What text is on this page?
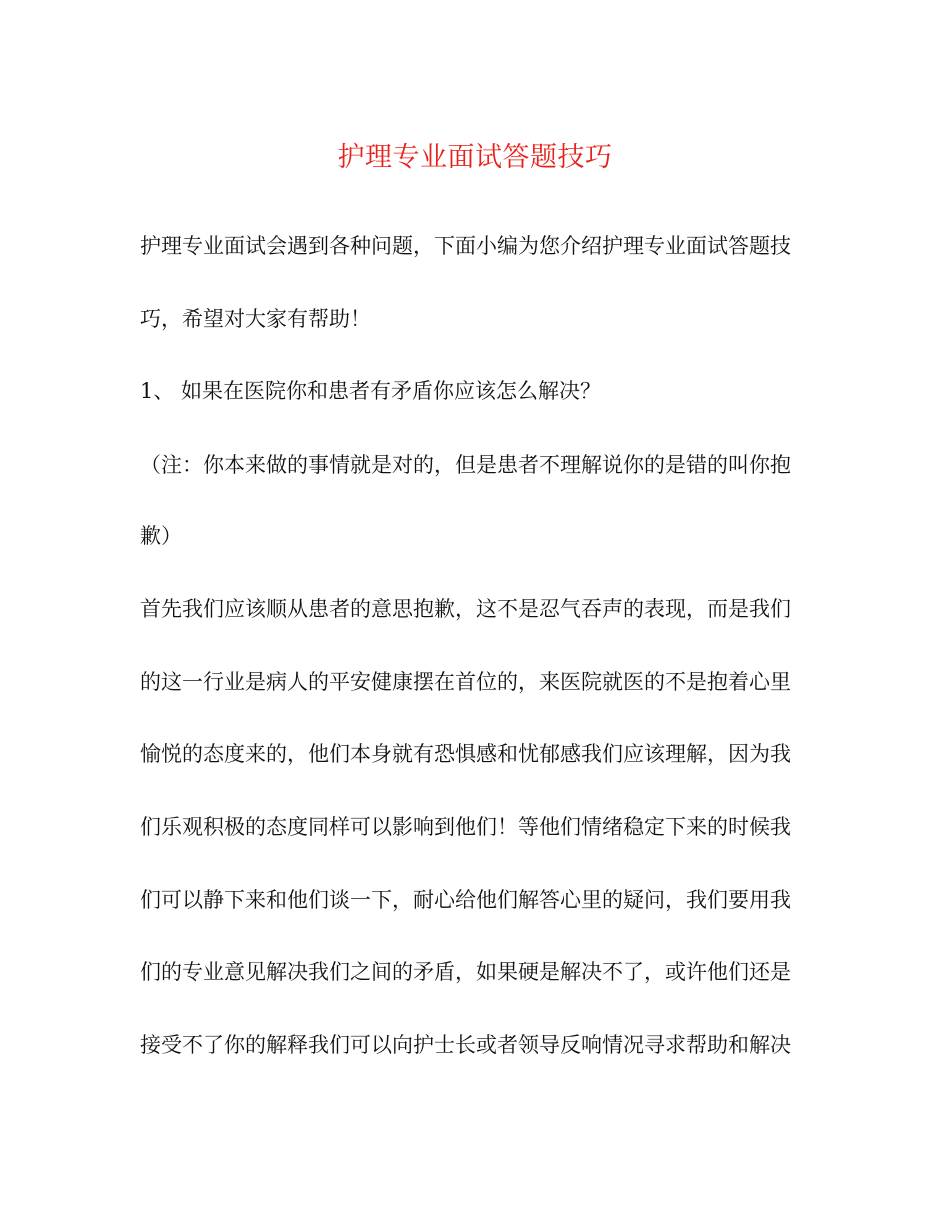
护理专业面试答题技巧
护理专业面试会遇到各种问题，下面小编为您介绍护理专业面试答题技
巧，希望对大家有帮助！
1、 如果在医院你和患者有矛盾你应该怎么解决？
（注：你本来做的事情就是对的，但是患者不理解说你的是错的叫你抱
歉）
首先我们应该顺从患者的意思抱歉，这不是忍气吞声的表现，而是我们
的这一行业是病人的平安健康摆在首位的，来医院就医的不是抱着心里
愉悦的态度来的，他们本身就有恐惧感和忧郁感我们应该理解，因为我
们乐观积极的态度同样可以影响到他们！等他们情绪稳定下来的时候我
们可以静下来和他们谈一下，耐心给他们解答心里的疑问，我们要用我
们的专业意见解决我们之间的矛盾，如果硬是解决不了，或许他们还是
接受不了你的解释我们可以向护士长或者领导反响情况寻求帮助和解决
